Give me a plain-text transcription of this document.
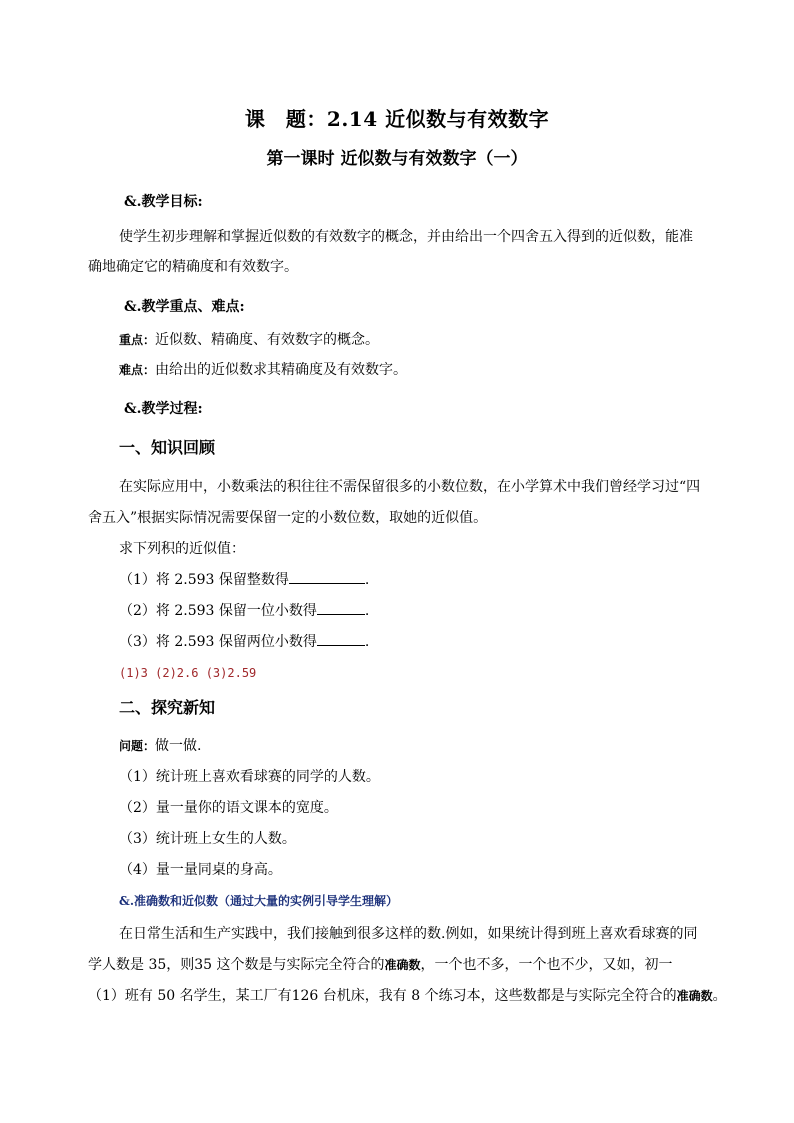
课　题：2.14 近似数与有效数字
第一课时 近似数与有效数字（一）
&.教学目标:
使学生初步理解和掌握近似数的有效数字的概念，并由给出一个四舍五入得到的近似数，能准
确地确定它的精确度和有效数字。
&.教学重点、难点:
重点：近似数、精确度、有效数字的概念。
难点：由给出的近似数求其精确度及有效数字。
&.教学过程:
一、知识回顾
在实际应用中，小数乘法的积往往不需保留很多的小数位数，在小学算术中我们曾经学习过“四
舍五入”根据实际情况需要保留一定的小数位数，取她的近似值。
求下列积的近似值：
（1）将 2.593 保留整数得	.
（2）将 2.593 保留一位小数得	.
（3）将 2.593 保留两位小数得	.
(1)3 (2)2.6 (3)2.59
二、探究新知
问题：做一做.
（1）统计班上喜欢看球赛的同学的人数。
（2）量一量你的语文课本的宽度。
（3）统计班上女生的人数。
（4）量一量同桌的身高。
&.准确数和近似数（通过大量的实例引导学生理解）
在日常生活和生产实践中，我们接触到很多这样的数.例如，如果统计得到班上喜欢看球赛的同
学人数是 35，则35 这个数是与实际完全符合的准确数，一个也不多，一个也不少，又如，初一
（1）班有 50 名学生，某工厂有126 台机床，我有 8 个练习本，这些数都是与实际完全符合的准确数。
